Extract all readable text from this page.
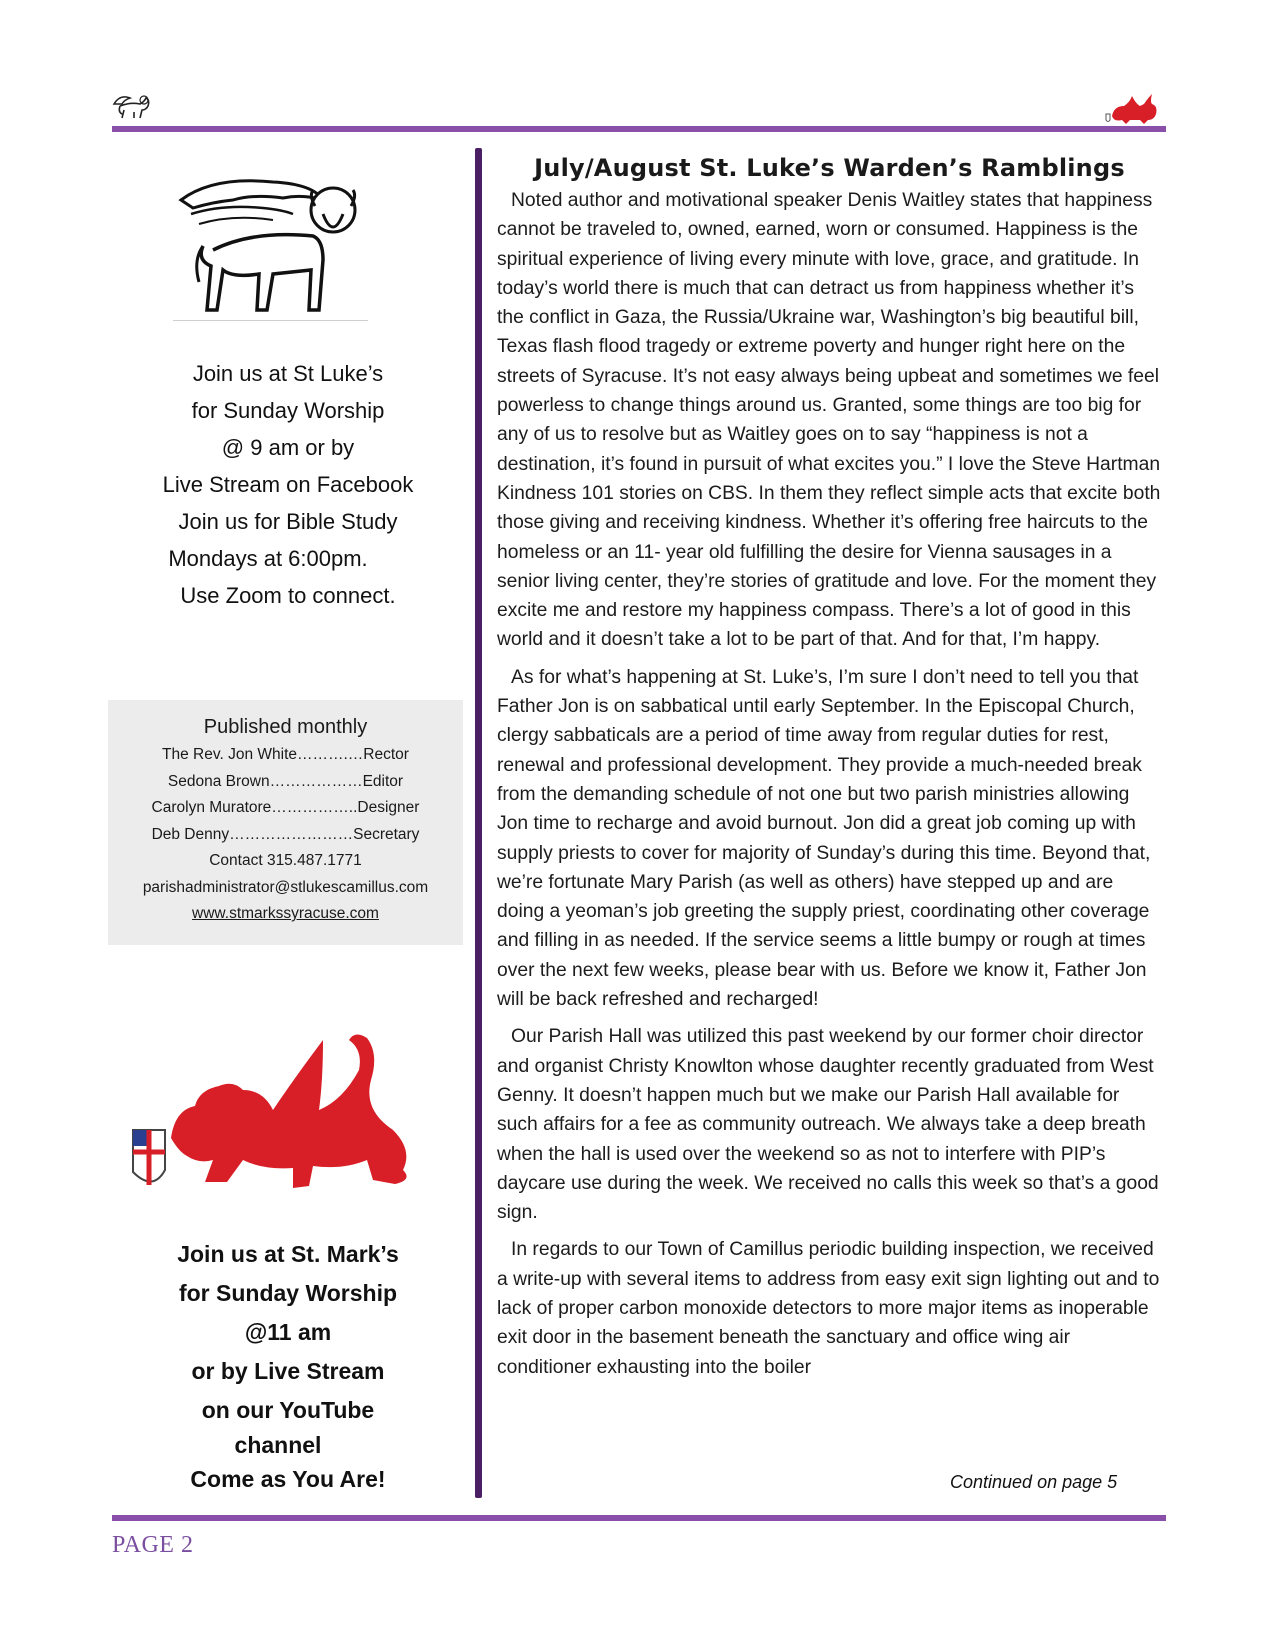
Join us at St Luke’s
for Sunday Worship
@ 9 am or by
Live Stream on Facebook
Join us for Bible Study
Mondays at 6:00pm.
Use Zoom to connect.
Published monthly
The Rev. Jon White……….…Rector
Sedona Brown………………Editor
Carolyn Muratore……………..Designer
Deb Denny……………………Secretary
Contact 315.487.1771
parishadministrator@stlukescamillus.com
www.stmarkssyracuse.com
Join us at St. Mark’s
for Sunday Worship
@11 am
or by Live Stream
on our YouTube
channel
Come as You Are!
July/August St. Luke’s Warden’s Ramblings

Noted author and motivational speaker Denis Waitley states that happiness cannot be traveled to, owned, earned, worn or consumed. Happiness is the spiritual experience of living every minute with love, grace, and gratitude. In today’s world there is much that can detract us from happiness whether it’s the conflict in Gaza, the Russia/Ukraine war, Washington’s big beautiful bill, Texas flash flood tragedy or extreme poverty and hunger right here on the streets of Syracuse. It’s not easy always being upbeat and sometimes we feel powerless to change things around us. Granted, some things are too big for any of us to resolve but as Waitley goes on to say “happiness is not a destination, it’s found in pursuit of what excites you.” I love the Steve Hartman Kindness 101 stories on CBS. In them they reflect simple acts that excite both those giving and receiving kindness. Whether it’s offering free haircuts to the homeless or an 11- year old fulfilling the desire for Vienna sausages in a senior living center, they’re stories of gratitude and love. For the moment they excite me and restore my happiness compass. There’s a lot of good in this world and it doesn’t take a lot to be part of that. And for that, I’m happy.

As for what’s happening at St. Luke’s, I’m sure I don’t need to tell you that Father Jon is on sabbatical until early September. In the Episcopal Church, clergy sabbaticals are a period of time away from regular duties for rest, renewal and professional development. They provide a much-needed break from the demanding schedule of not one but two parish ministries allowing Jon time to recharge and avoid burnout. Jon did a great job coming up with supply priests to cover for majority of Sunday’s during this time. Beyond that, we’re fortunate Mary Parish (as well as others) have stepped up and are doing a yeoman’s job greeting the supply priest, coordinating other coverage and filling in as needed. If the service seems a little bumpy or rough at times over the next few weeks, please bear with us. Before we know it, Father Jon will be back refreshed and recharged!

Our Parish Hall was utilized this past weekend by our former choir director and organist Christy Knowlton whose daughter recently graduated from West Genny. It doesn’t happen much but we make our Parish Hall available for such affairs for a fee as community outreach. We always take a deep breath when the hall is used over the weekend so as not to interfere with PIP’s daycare use during the week. We received no calls this week so that’s a good sign.

In regards to our Town of Camillus periodic building inspection, we received a write-up with several items to address from easy exit sign lighting out and to lack of proper carbon monoxide detectors to more major items as inoperable exit door in the basement beneath the sanctuary and office wing air conditioner exhausting into the boiler

Continued on page 5
PAGE 2
